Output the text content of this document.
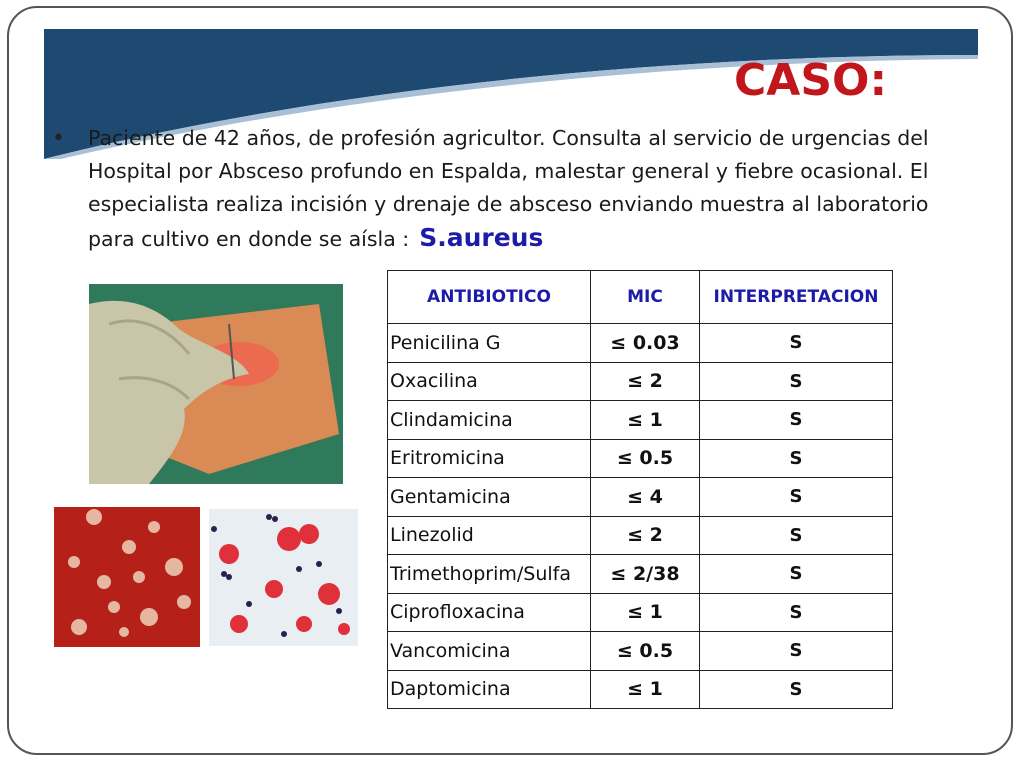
CASO:
• Paciente de 42 años, de profesión agricultor. Consulta al servicio de urgencias del Hospital por Absceso profundo en Espalda, malestar general y fiebre ocasional. El especialista realiza incisión y drenaje de absceso enviando muestra al laboratorio para cultivo en donde se aísla : S.aureus
ANTIBIOTICO	MIC	INTERPRETACION
Penicilina G	≤ 0.03	S
Oxacilina	≤ 2	S
Clindamicina	≤ 1	S
Eritromicina	≤ 0.5	S
Gentamicina	≤ 4	S
Linezolid	≤ 2	S
Trimethoprim/Sulfa	≤ 2/38	S
Ciprofloxacina	≤ 1	S
Vancomicina	≤ 0.5	S
Daptomicina	≤ 1	S
